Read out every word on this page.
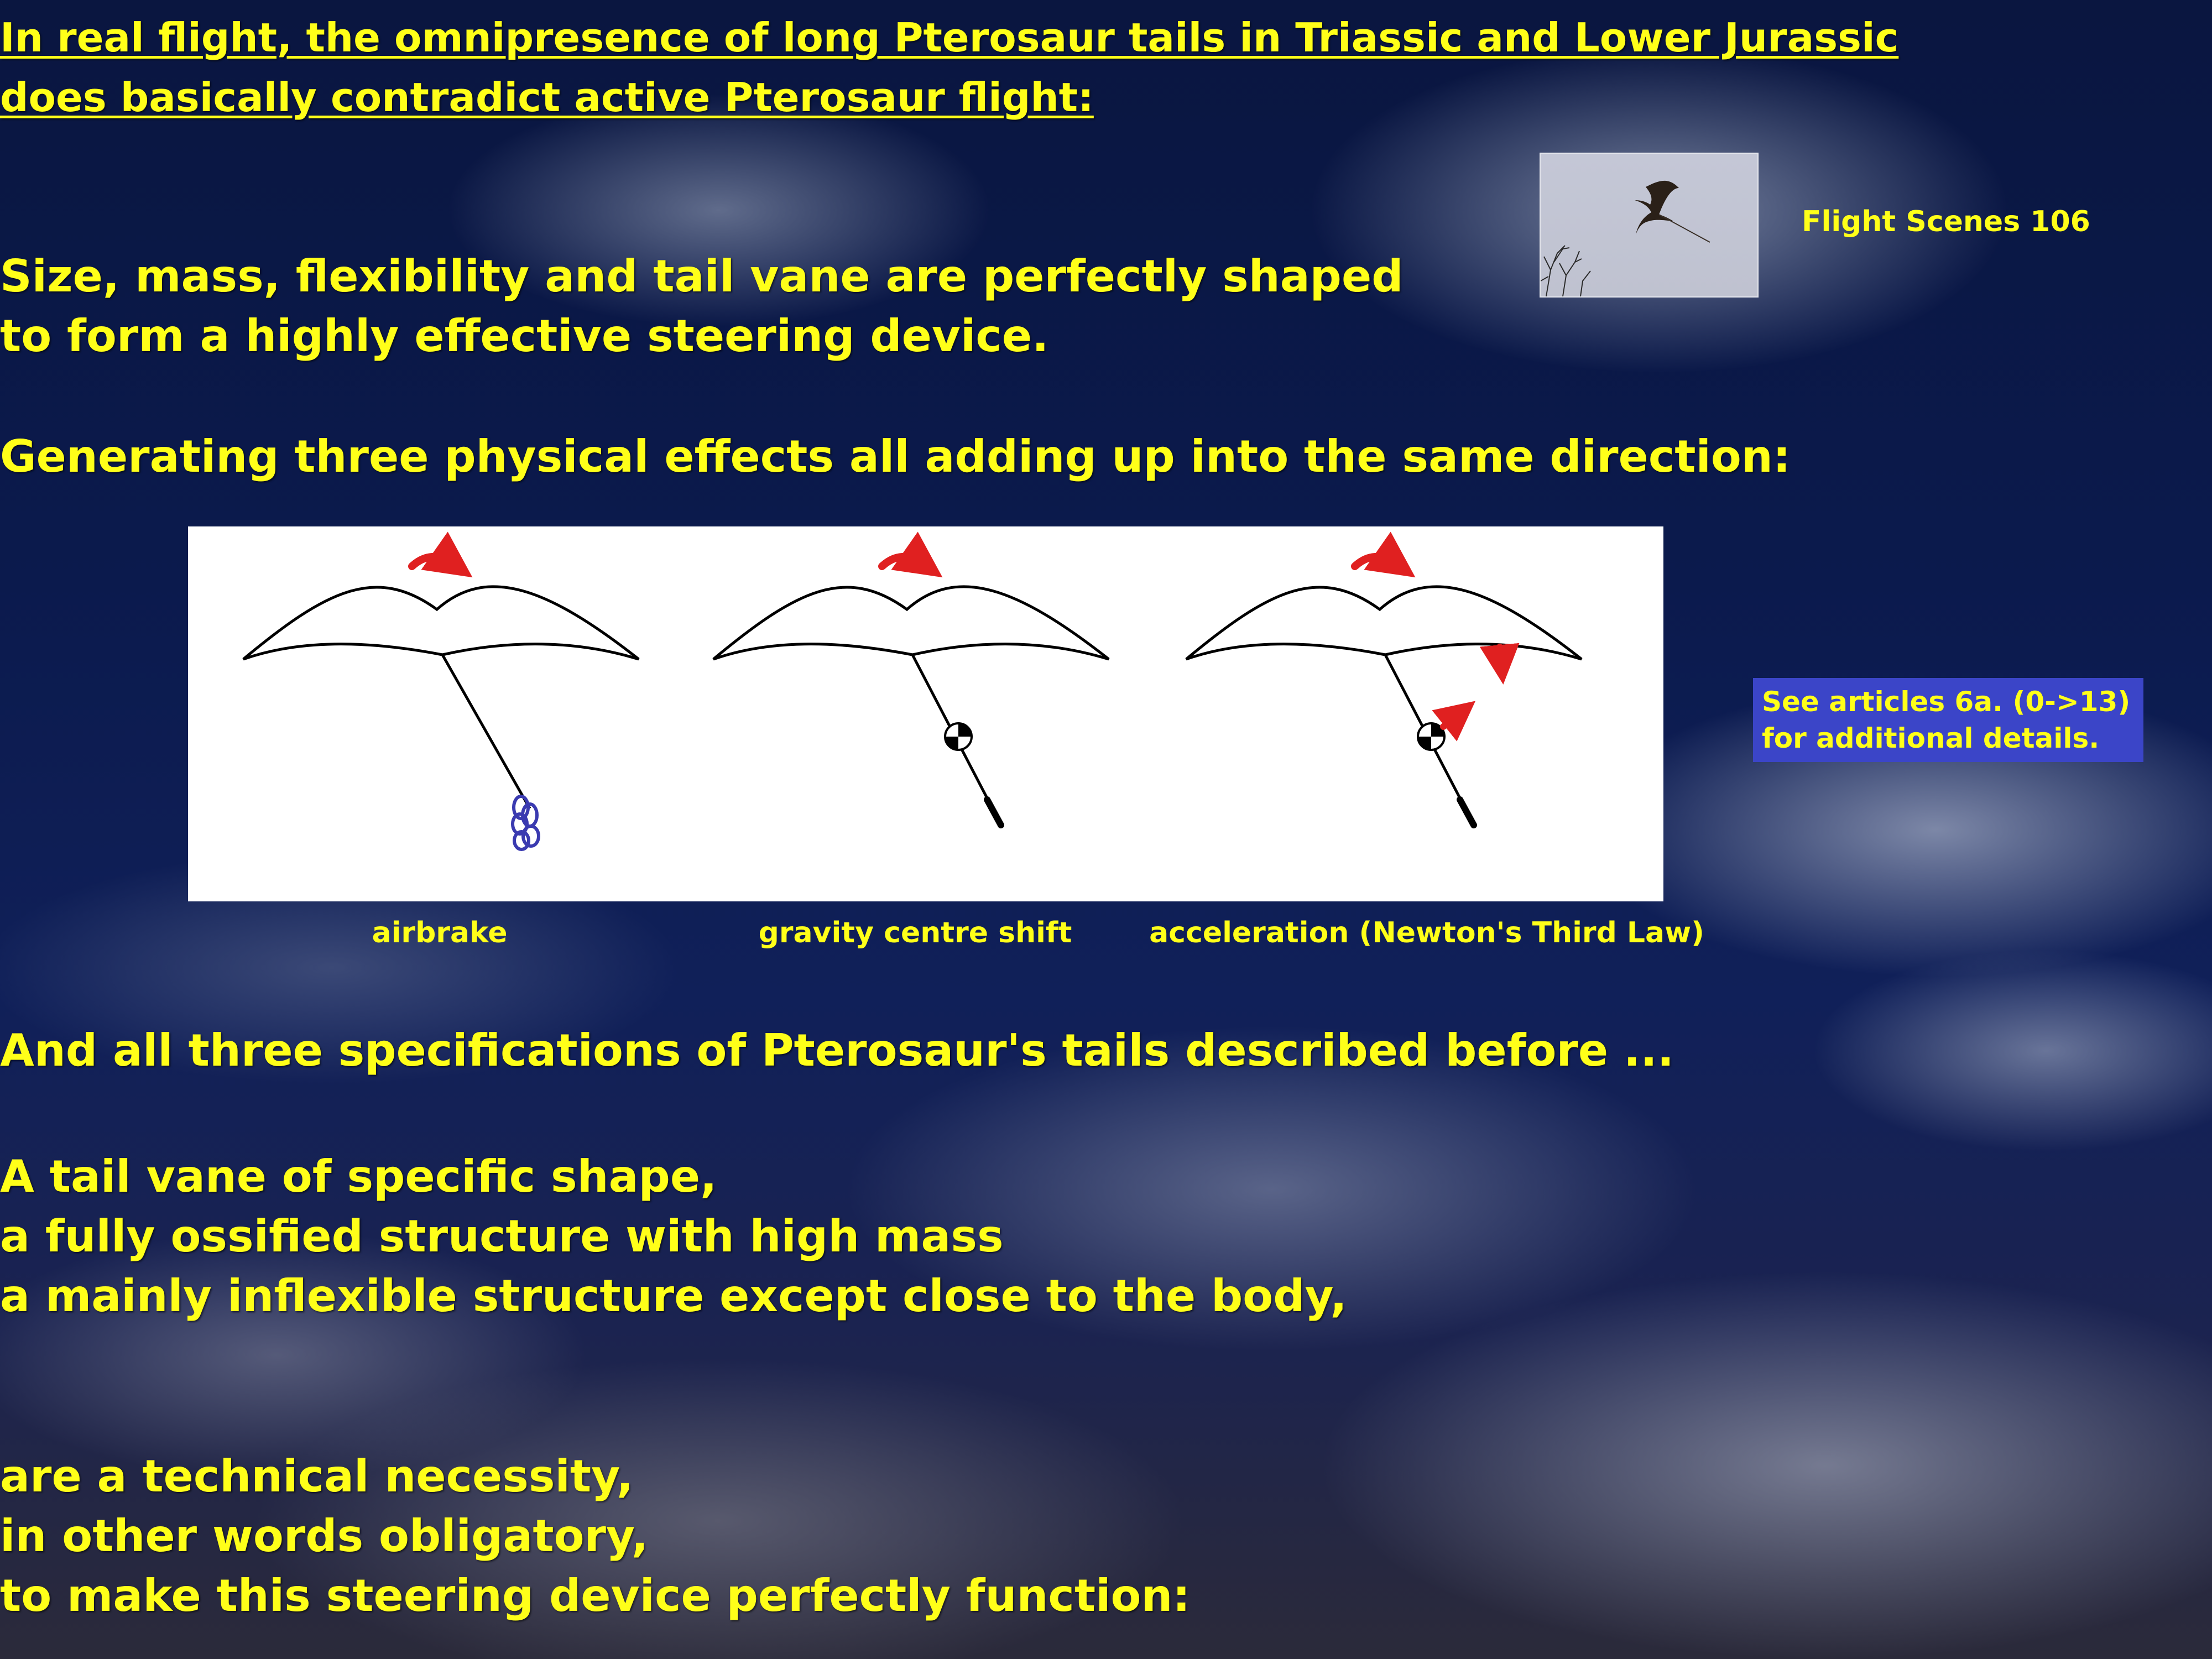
In real flight, the omnipresence of long Pterosaur tails in Triassic and Lower Jurassic
does basically contradict active Pterosaur flight:
Flight Scenes 106
Size, mass, flexibility and tail vane are perfectly shaped
to form a highly effective steering device.
Generating three physical effects all adding up into the same direction:
airbrake	gravity centre shift	acceleration (Newton's Third Law)
See articles 6a. (0->13)
for additional details.
And all three specifications of Pterosaur's tails described before ...
A tail vane of specific shape,
a fully ossified structure with high mass
a mainly inflexible structure except close to the body,
are a technical necessity,
in other words obligatory,
to make this steering device perfectly function:
